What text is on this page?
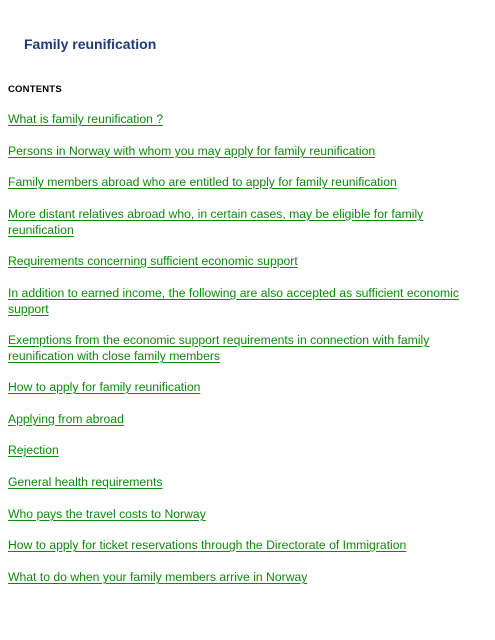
Family reunification
CONTENTS
What is family reunification ?
Persons in Norway with whom you may apply for family reunification
Family members abroad who are entitled to apply for family reunification
More distant relatives abroad who, in certain cases, may be eligible for family reunification
Requirements concerning sufficient economic support
In addition to earned income, the following are also accepted as sufficient economic support
Exemptions from the economic support requirements in connection with family reunification with close family members
How to apply for family reunification
Applying from abroad
Rejection
General health requirements
Who pays the travel costs to Norway
How to apply for ticket reservations through the Directorate of Immigration
What to do when your family members arrive in Norway
